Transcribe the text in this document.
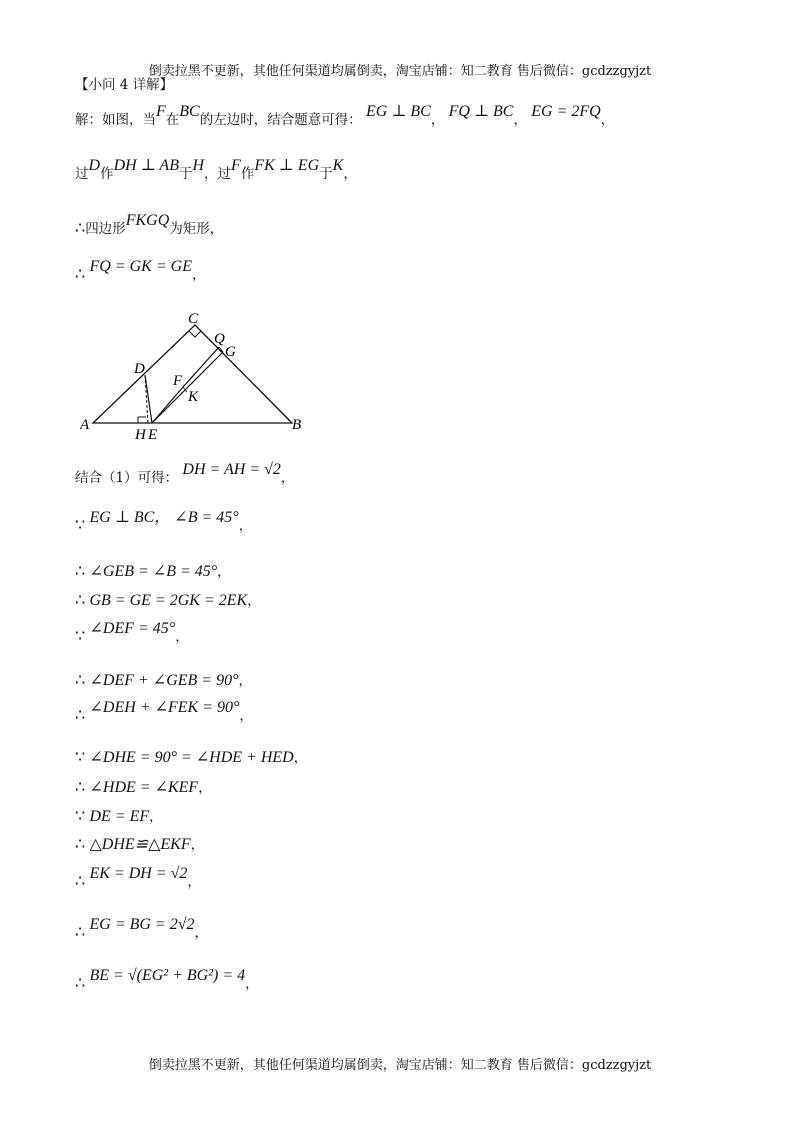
倒卖拉黑不更新，其他任何渠道均属倒卖，淘宝店铺：知二教育 售后微信：gcdzzgyjzt
【小问 4 详解】
解：如图，当F在BC的左边时，结合题意可得： EG ⊥ BC， FQ ⊥ BC， EG = 2FQ，
过D作DH ⊥ AB于H，过F作FK ⊥ EG于K，
∴四边形FKGQ为矩形，
∴ FQ = GK = GE，
A	B
C
D
E
F
G
H
K
Q
结合（1）可得： DH = AH = √2，
∵ EG ⊥ BC， ∠B = 45°，
∴ ∠GEB = ∠B = 45°，
∴ GB = GE = 2GK = 2EK，
∵ ∠DEF = 45°，
∴ ∠DEF + ∠GEB = 90°，
∴ ∠DEH + ∠FEK = 90°，
∵ ∠DHE = 90° = ∠HDE + HED，
∴ ∠HDE = ∠KEF，
∵ DE = EF，
∴ △DHE≌△EKF，
∴ EK = DH = √2，
∴ EG = BG = 2√2，
∴ BE = √(EG² + BG²) = 4，
倒卖拉黑不更新，其他任何渠道均属倒卖，淘宝店铺：知二教育 售后微信：gcdzzgyjzt
